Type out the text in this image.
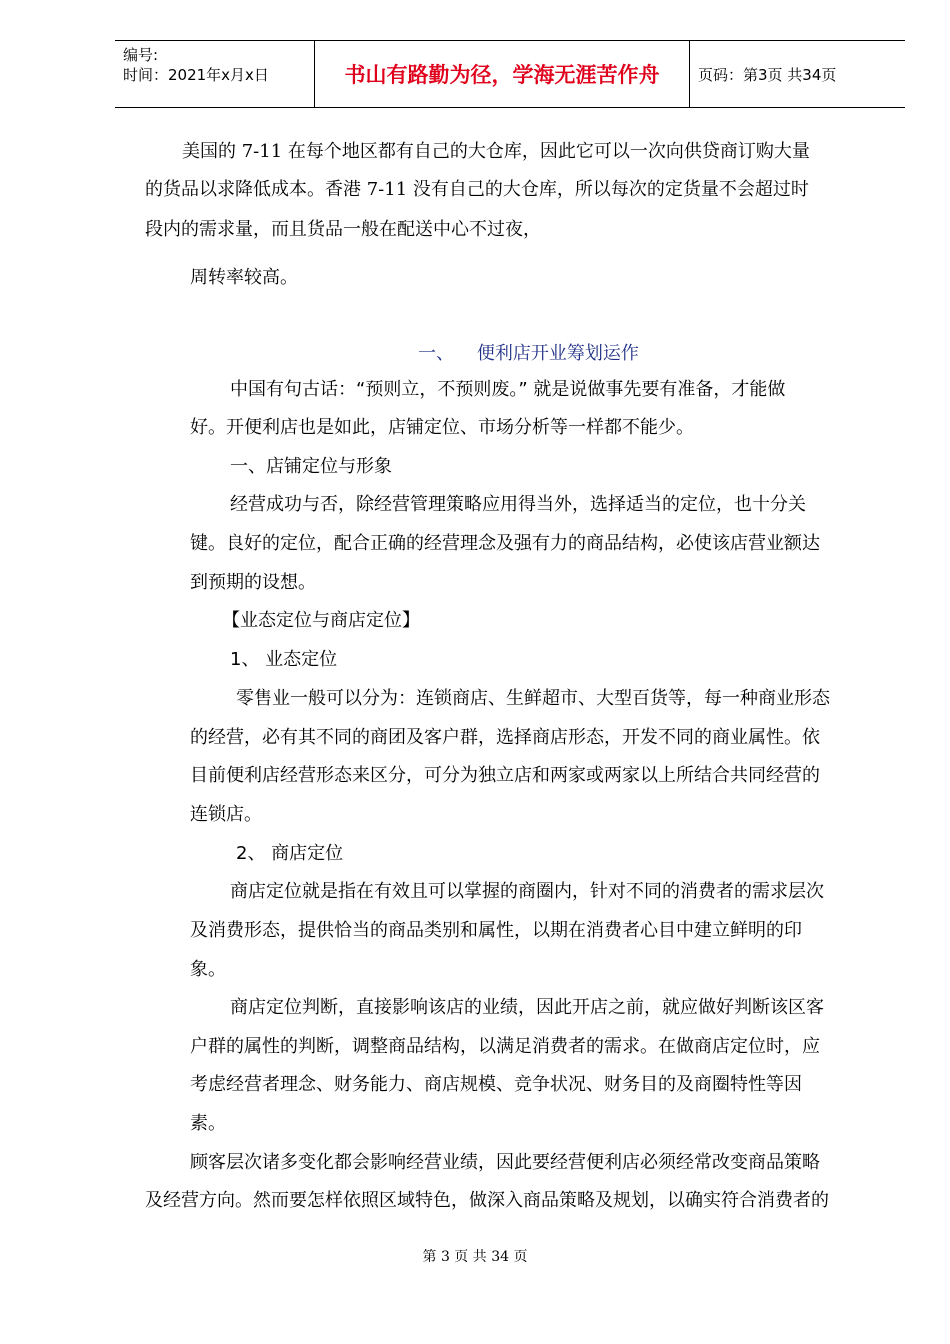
编号:
时间：2021年x月x日	书山有路勤为径，学海无涯苦作舟	页码：第3页 共34页
美国的 7-11 在每个地区都有自己的大仓库，因此它可以一次向供贷商订购大量
的货品以求降低成本。香港 7-11 没有自己的大仓库，所以每次的定货量不会超过时
段内的需求量，而且货品一般在配送中心不过夜，
周转率较高。
一、    便利店开业筹划运作
中国有句古话：“预则立，不预则废。” 就是说做事先要有准备，才能做
好。开便利店也是如此，店铺定位、市场分析等一样都不能少。
一、店铺定位与形象
经营成功与否，除经营管理策略应用得当外，选择适当的定位，也十分关
键。良好的定位，配合正确的经营理念及强有力的商品结构，必使该店营业额达
到预期的设想。
【业态定位与商店定位】
1、 业态定位
零售业一般可以分为：连锁商店、生鲜超市、大型百货等，每一种商业形态
的经营，必有其不同的商团及客户群，选择商店形态，开发不同的商业属性。依
目前便利店经营形态来区分，可分为独立店和两家或两家以上所结合共同经营的
连锁店。
2、 商店定位
商店定位就是指在有效且可以掌握的商圈内，针对不同的消费者的需求层次
及消费形态，提供恰当的商品类别和属性，以期在消费者心目中建立鲜明的印
象。
商店定位判断，直接影响该店的业绩，因此开店之前，就应做好判断该区客
户群的属性的判断，调整商品结构，以满足消费者的需求。在做商店定位时，应
考虑经营者理念、财务能力、商店规模、竞争状况、财务目的及商圈特性等因
素。
顾客层次诸多变化都会影响经营业绩，因此要经营便利店必须经常改变商品策略
及经营方向。然而要怎样依照区域特色，做深入商品策略及规划，以确实符合消费者的
第 3 页 共 34 页
